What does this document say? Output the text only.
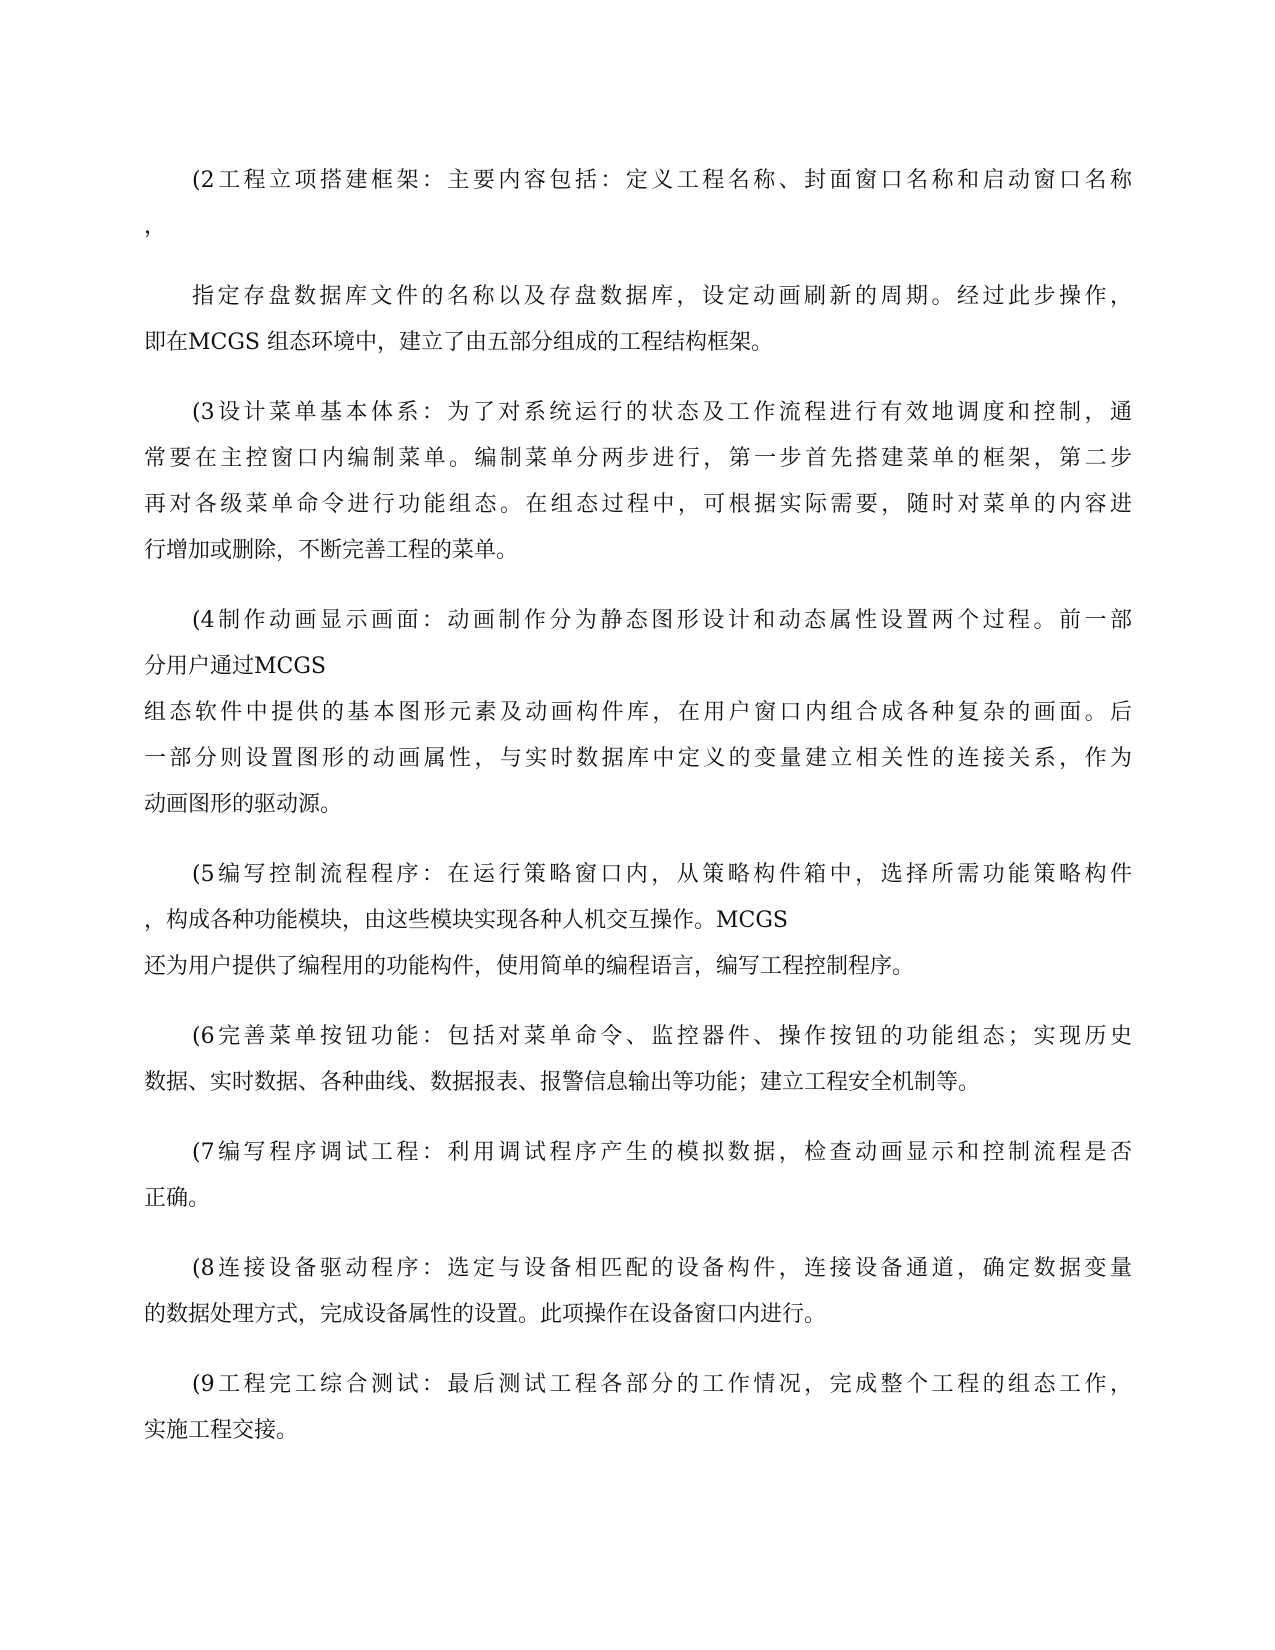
(2工程立项搭建框架：主要内容包括：定义工程名称、封面窗口名称和启动窗口名称
，

指定存盘数据库文件的名称以及存盘数据库，设定动画刷新的周期。经过此步操作，
即在MCGS 组态环境中，建立了由五部分组成的工程结构框架。

(3设计菜单基本体系：为了对系统运行的状态及工作流程进行有效地调度和控制，通
常要在主控窗口内编制菜单。编制菜单分两步进行，第一步首先搭建菜单的框架，第二步
再对各级菜单命令进行功能组态。在组态过程中，可根据实际需要，随时对菜单的内容进
行增加或删除，不断完善工程的菜单。

(4制作动画显示画面：动画制作分为静态图形设计和动态属性设置两个过程。前一部
分用户通过MCGS
组态软件中提供的基本图形元素及动画构件库，在用户窗口内组合成各种复杂的画面。后
一部分则设置图形的动画属性，与实时数据库中定义的变量建立相关性的连接关系，作为
动画图形的驱动源。

(5编写控制流程程序：在运行策略窗口内，从策略构件箱中，选择所需功能策略构件
，构成各种功能模块，由这些模块实现各种人机交互操作。MCGS
还为用户提供了编程用的功能构件，使用简单的编程语言，编写工程控制程序。

(6完善菜单按钮功能：包括对菜单命令、监控器件、操作按钮的功能组态；实现历史
数据、实时数据、各种曲线、数据报表、报警信息输出等功能；建立工程安全机制等。

(7编写程序调试工程：利用调试程序产生的模拟数据，检查动画显示和控制流程是否
正确。

(8连接设备驱动程序：选定与设备相匹配的设备构件，连接设备通道，确定数据变量
的数据处理方式，完成设备属性的设置。此项操作在设备窗口内进行。

(9工程完工综合测试：最后测试工程各部分的工作情况，完成整个工程的组态工作，
实施工程交接。
